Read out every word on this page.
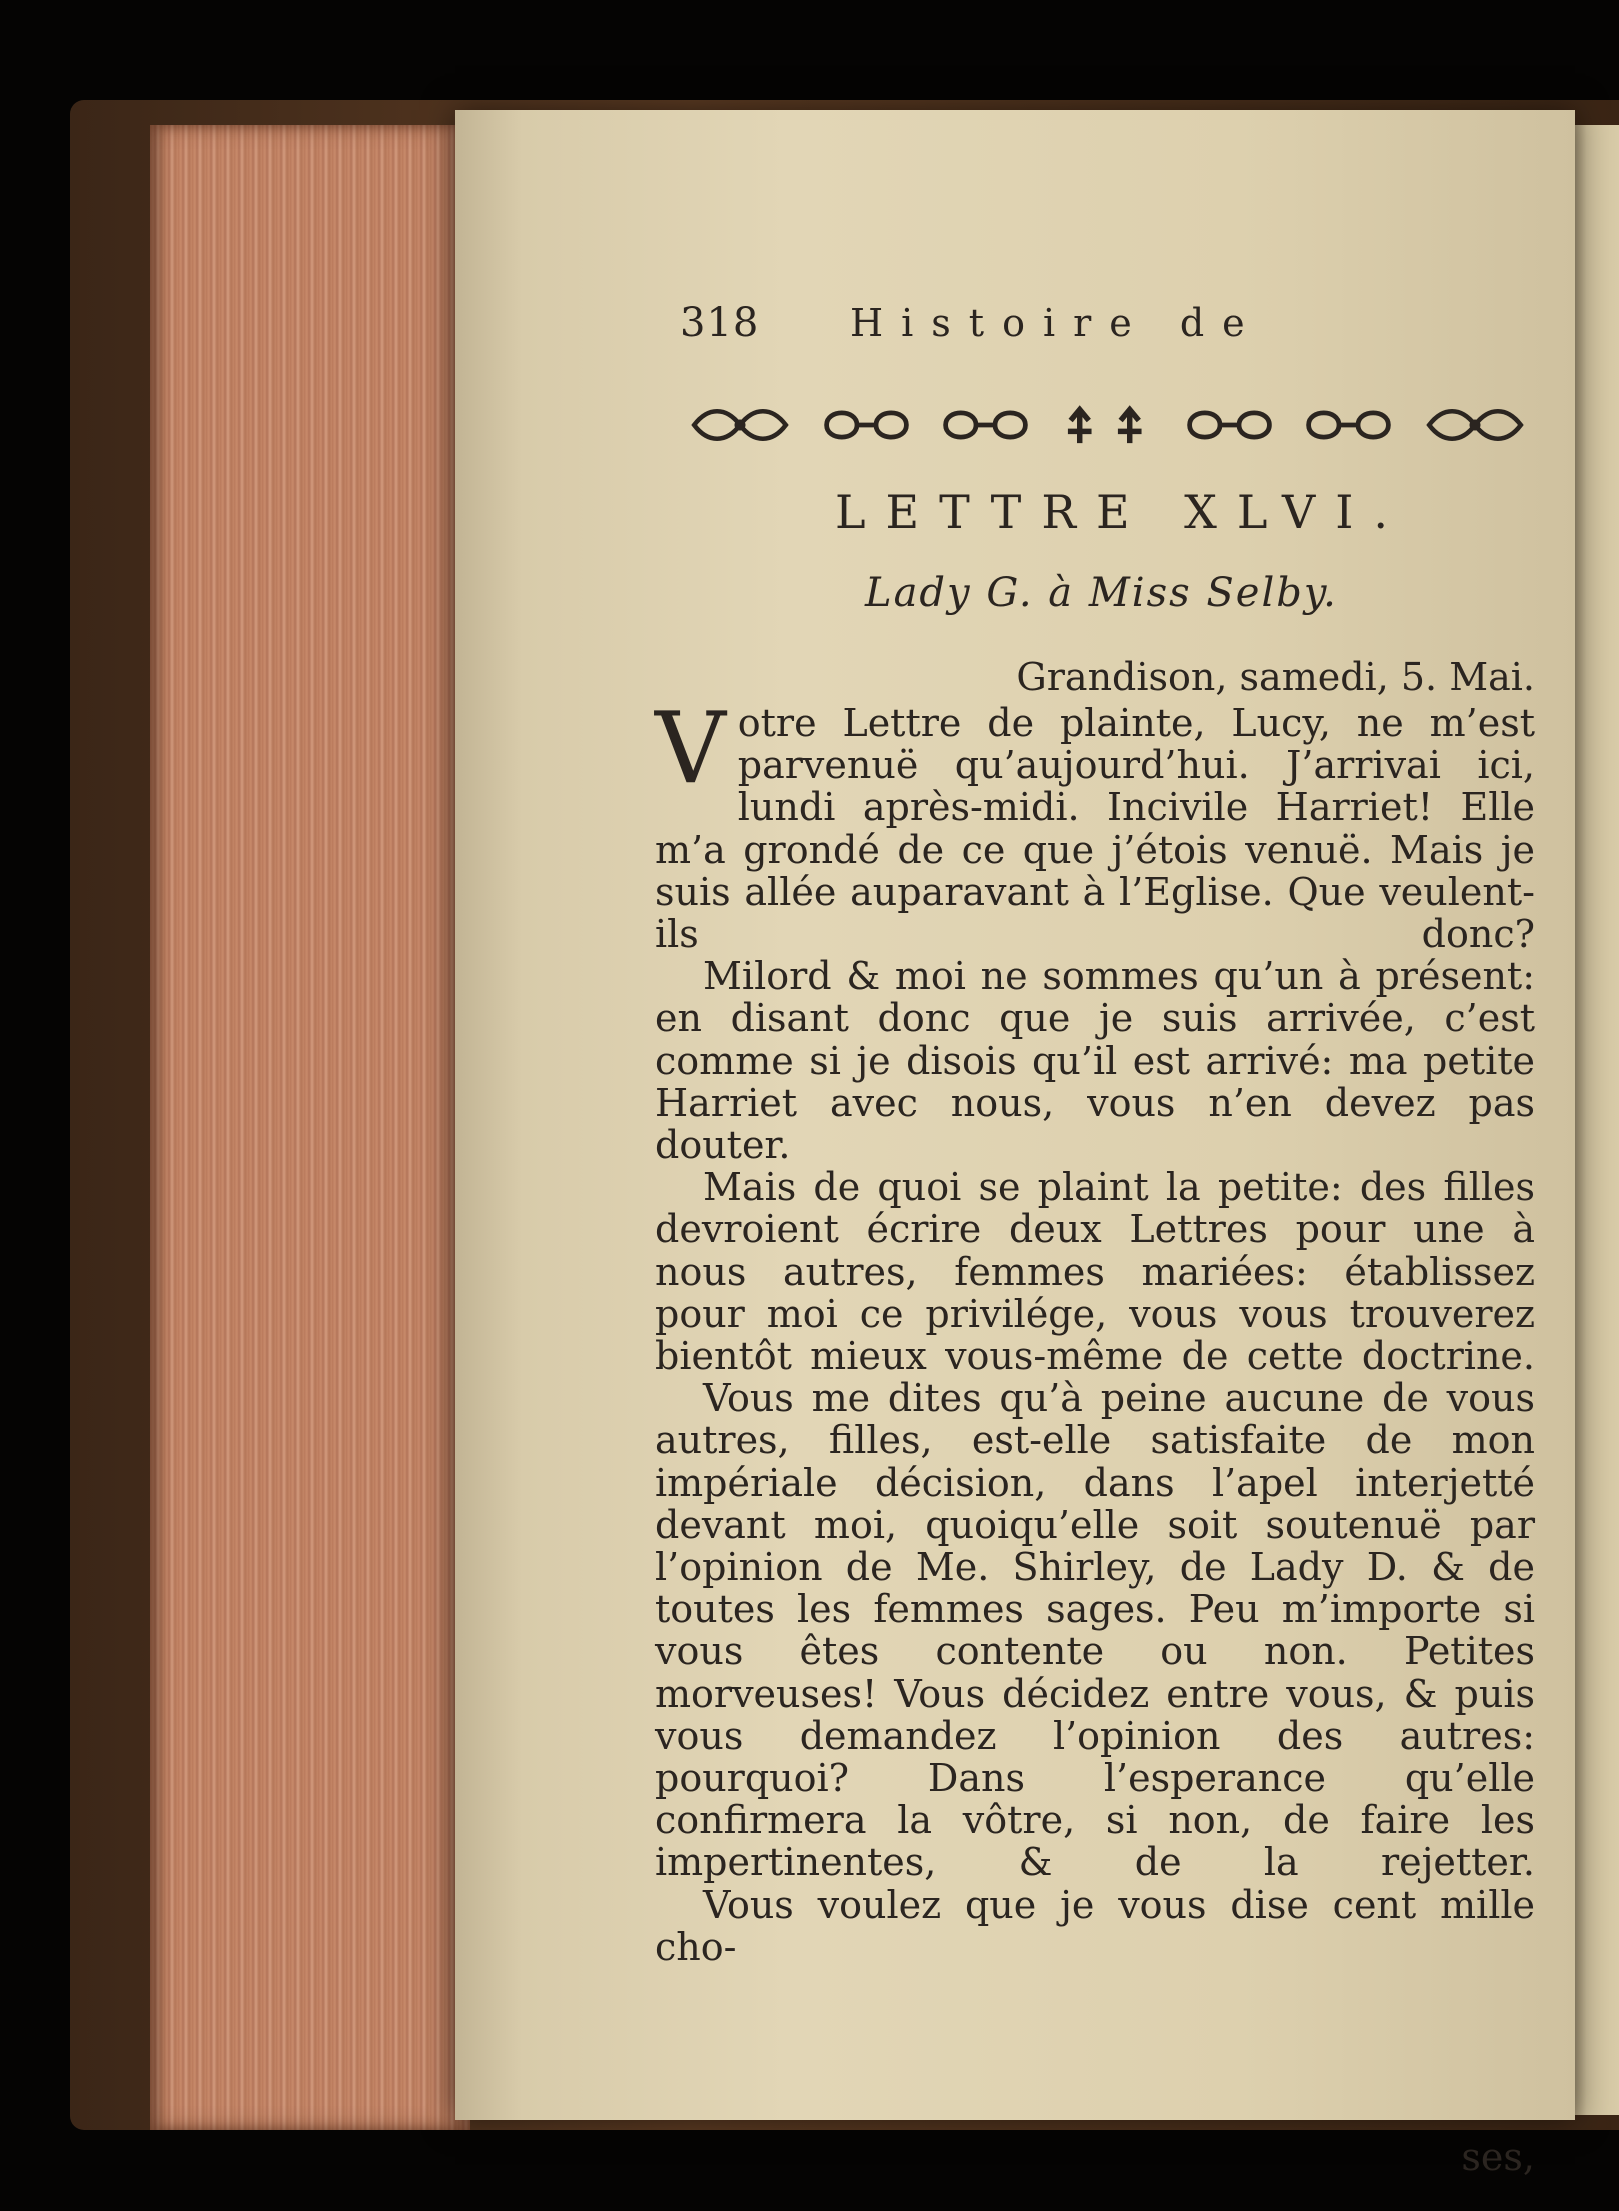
318	Histoire de
LETTRE XLVI.
Lady G. à Miss Selby.
Grandison, samedi, 5. Mai.

Votre Lettre de plainte, Lucy, ne m’est parvenuë qu’aujourd’hui. J’arrivai ici, lundi après-midi. Incivile Harriet! Elle m’a grondé de ce que j’étois venuë. Mais je suis allée auparavant à l’Eglise. Que veulent-ils donc?

Milord & moi ne sommes qu’un à présent: en disant donc que je suis arrivée, c’est comme si je disois qu’il est arrivé: ma petite Harriet avec nous, vous n’en devez pas douter.

Mais de quoi se plaint la petite: des filles devroient écrire deux Lettres pour une à nous autres, femmes mariées: établissez pour moi ce privilége, vous vous trouverez bientôt mieux vous-même de cette doctrine.

Vous me dites qu’à peine aucune de vous autres, filles, est-elle satisfaite de mon impériale décision, dans l’apel interjetté devant moi, quoiqu’elle soit soutenuë par l’opinion de Me. Shirley, de Lady D. & de toutes les femmes sages. Peu m’importe si vous êtes contente ou non. Petites morveuses! Vous décidez entre vous, & puis vous demandez l’opinion des autres: pourquoi? Dans l’esperance qu’elle confirmera la vôtre, si non, de faire les impertinentes, & de la rejetter.

Vous voulez que je vous dise cent mille cho-

ses,
